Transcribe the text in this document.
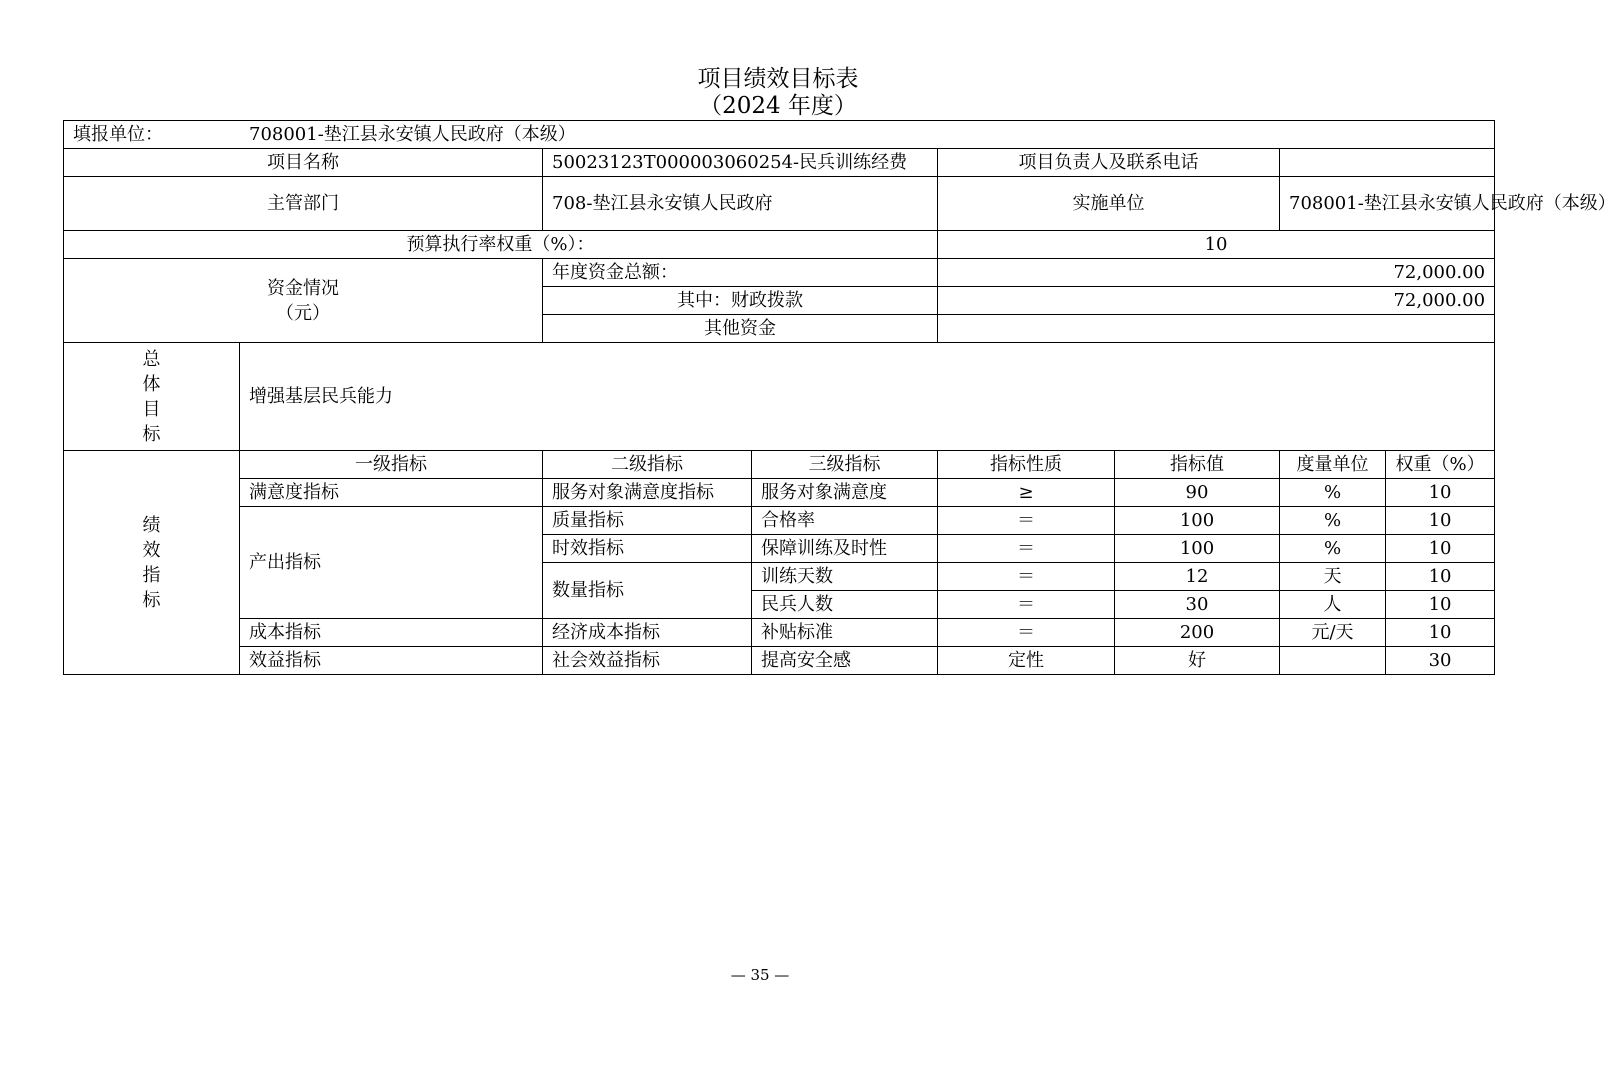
项目绩效目标表
（2024 年度）
填报单位： 708001-垫江县永安镇人民政府（本级）							
项目名称		50023123T000003060254-民兵训练经费		项目负责人及联系电话			
主管部门		708-垫江县永安镇人民政府		实施单位		708001-垫江县永安镇人民政府（本级）	
预算执行率权重（%）：				10			
资金情况
（元）		年度资金总额：		72,000.00			
		其中：财政拨款		72,000.00			
		其他资金					

总
体
目
标	增强基层民兵能力						

绩
效
指
标	一级指标	二级指标	三级指标	指标性质	指标值	度量单位	权重（%）
	满意度指标	服务对象满意度指标	服务对象满意度	≥	90	%	10
	产出指标	质量指标	合格率	＝	100	%	10
		时效指标	保障训练及时性	＝	100	%	10
		数量指标	训练天数	＝	12	天	10
			民兵人数	＝	30	人	10
	成本指标	经济成本指标	补贴标准	＝	200	元/天	10
	效益指标	社会效益指标	提高安全感	定性	好		30
— 35 —
